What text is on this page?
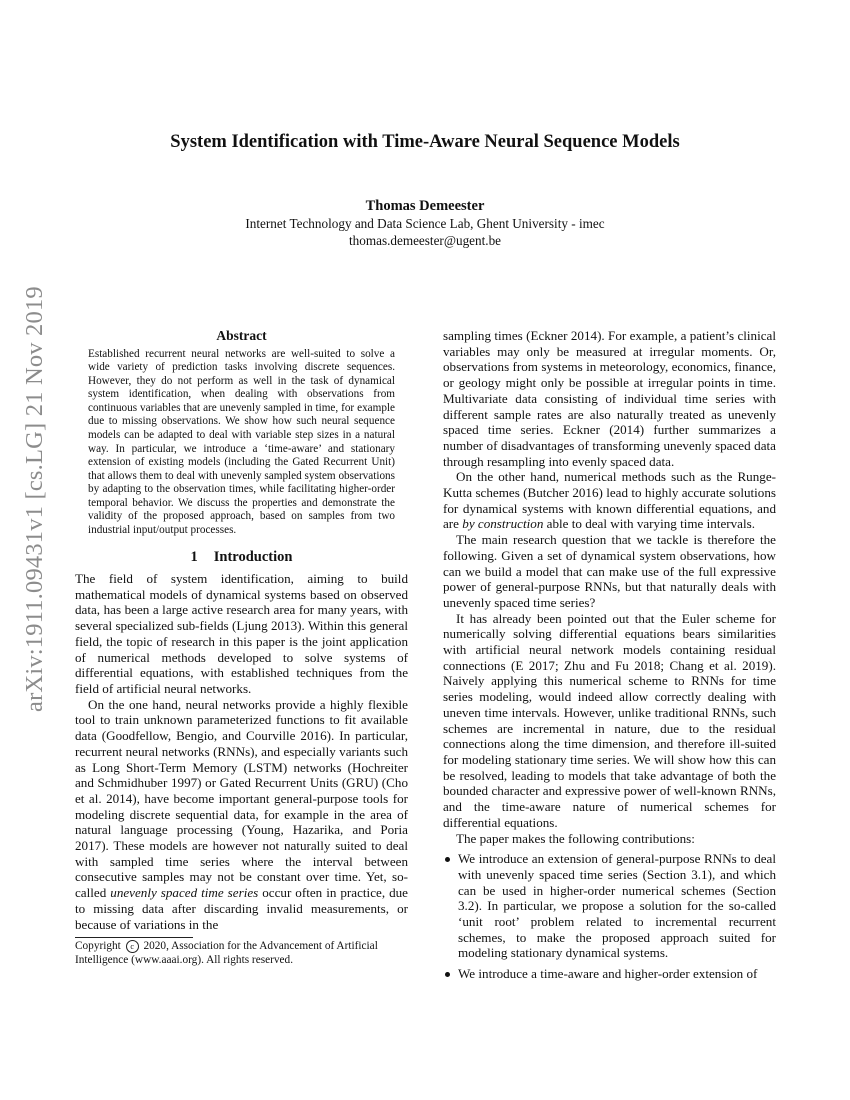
arXiv:1911.09431v1 [cs.LG] 21 Nov 2019
System Identification with Time-Aware Neural Sequence Models
Thomas Demeester
Internet Technology and Data Science Lab, Ghent University - imec
thomas.demeester@ugent.be
Abstract

Established recurrent neural networks are well-suited to solve a wide variety of prediction tasks involving discrete sequences. However, they do not perform as well in the task of dynamical system identification, when dealing with observations from continuous variables that are unevenly sampled in time, for example due to missing observations. We show how such neural sequence models can be adapted to deal with variable step sizes in a natural way. In particular, we introduce a ‘time-aware’ and stationary extension of existing models (including the Gated Recurrent Unit) that allows them to deal with unevenly sampled system observations by adapting to the observation times, while facilitating higher-order temporal behavior. We discuss the properties and demonstrate the validity of the proposed approach, based on samples from two industrial input/output processes.

1 Introduction

The field of system identification, aiming to build mathematical models of dynamical systems based on observed data, has been a large active research area for many years, with several specialized sub-fields (Ljung 2013). Within this general field, the topic of research in this paper is the joint application of numerical methods developed to solve systems of differential equations, with established techniques from the field of artificial neural networks.

On the one hand, neural networks provide a highly flexible tool to train unknown parameterized functions to fit available data (Goodfellow, Bengio, and Courville 2016). In particular, recurrent neural networks (RNNs), and especially variants such as Long Short-Term Memory (LSTM) networks (Hochreiter and Schmidhuber 1997) or Gated Recurrent Units (GRU) (Cho et al. 2014), have become important general-purpose tools for modeling discrete sequential data, for example in the area of natural language processing (Young, Hazarika, and Poria 2017). These models are however not naturally suited to deal with sampled time series where the interval between consecutive samples may not be constant over time. Yet, so-called unevenly spaced time series occur often in practice, due to missing data after discarding invalid measurements, or because of variations in the

Copyright c 2020, Association for the Advancement of Artificial Intelligence (www.aaai.org). All rights reserved.

sampling times (Eckner 2014). For example, a patient’s clinical variables may only be measured at irregular moments. Or, observations from systems in meteorology, economics, finance, or geology might only be possible at irregular points in time. Multivariate data consisting of individual time series with different sample rates are also naturally treated as unevenly spaced time series. Eckner (2014) further summarizes a number of disadvantages of transforming unevenly spaced data through resampling into evenly spaced data.

On the other hand, numerical methods such as the Runge-Kutta schemes (Butcher 2016) lead to highly accurate solutions for dynamical systems with known differential equations, and are by construction able to deal with varying time intervals.

The main research question that we tackle is therefore the following. Given a set of dynamical system observations, how can we build a model that can make use of the full expressive power of general-purpose RNNs, but that naturally deals with unevenly spaced time series?

It has already been pointed out that the Euler scheme for numerically solving differential equations bears similarities with artificial neural network models containing residual connections (E 2017; Zhu and Fu 2018; Chang et al. 2019). Naively applying this numerical scheme to RNNs for time series modeling, would indeed allow correctly dealing with uneven time intervals. However, unlike traditional RNNs, such schemes are incremental in nature, due to the residual connections along the time dimension, and therefore ill-suited for modeling stationary time series. We will show how this can be resolved, leading to models that take advantage of both the bounded character and expressive power of well-known RNNs, and the time-aware nature of numerical schemes for differential equations.

The paper makes the following contributions:

We introduce an extension of general-purpose RNNs to deal with unevenly spaced time series (Section 3.1), and which can be used in higher-order numerical schemes (Section 3.2). In particular, we propose a solution for the so-called ‘unit root’ problem related to incremental recurrent schemes, to make the proposed approach suited for modeling stationary dynamical systems.
We introduce a time-aware and higher-order extension of
